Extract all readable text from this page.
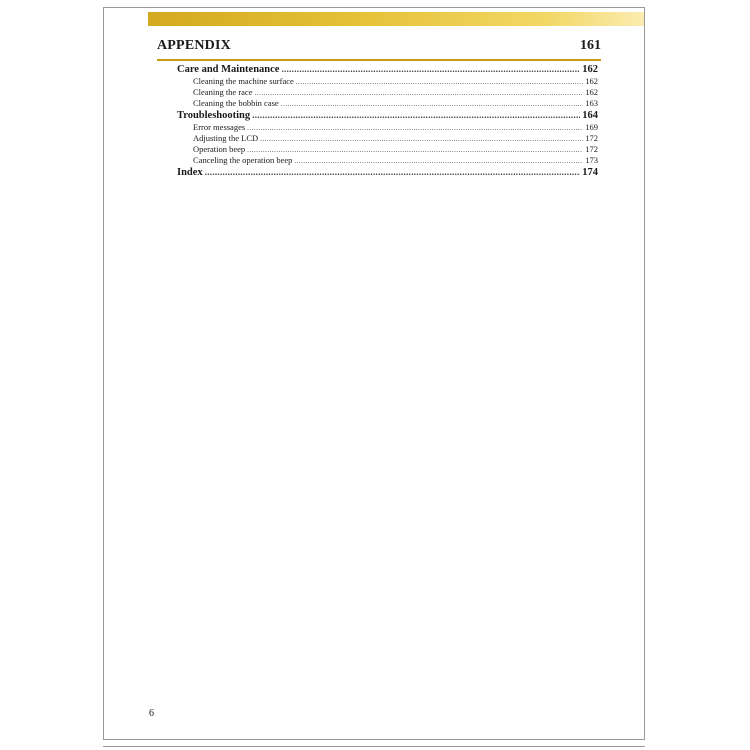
APPENDIX	161
Care and Maintenance .....	162
Cleaning the machine surface .....	162
Cleaning the race .....	162
Cleaning the bobbin case .....	163
Troubleshooting .....	164
Error messages .....	169
Adjusting the LCD .....	172
Operation beep .....	172
Canceling the operation beep .....	173
Index .....	174
6
